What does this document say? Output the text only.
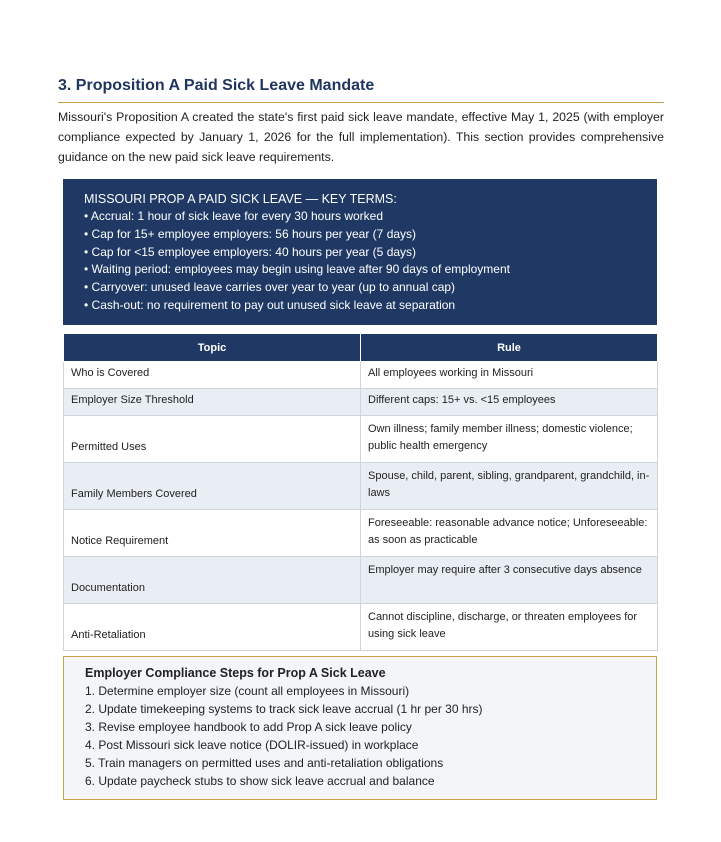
3. Proposition A Paid Sick Leave Mandate
Missouri's Proposition A created the state's first paid sick leave mandate, effective May 1, 2025 (with employer compliance expected by January 1, 2026 for the full implementation). This section provides comprehensive guidance on the new paid sick leave requirements.
MISSOURI PROP A PAID SICK LEAVE — KEY TERMS:
• Accrual: 1 hour of sick leave for every 30 hours worked
• Cap for 15+ employee employers: 56 hours per year (7 days)
• Cap for <15 employee employers: 40 hours per year (5 days)
• Waiting period: employees may begin using leave after 90 days of employment
• Carryover: unused leave carries over year to year (up to annual cap)
• Cash-out: no requirement to pay out unused sick leave at separation
Topic	Rule
Who is Covered	All employees working in Missouri
Employer Size Threshold	Different caps: 15+ vs. <15 employees
Permitted Uses	Own illness; family member illness; domestic violence; public health emergency
Family Members Covered	Spouse, child, parent, sibling, grandparent, grandchild, in-laws
Notice Requirement	Foreseeable: reasonable advance notice; Unforeseeable: as soon as practicable
Documentation	Employer may require after 3 consecutive days absence
Anti-Retaliation	Cannot discipline, discharge, or threaten employees for using sick leave
Employer Compliance Steps for Prop A Sick Leave
1. Determine employer size (count all employees in Missouri)
2. Update timekeeping systems to track sick leave accrual (1 hr per 30 hrs)
3. Revise employee handbook to add Prop A sick leave policy
4. Post Missouri sick leave notice (DOLIR-issued) in workplace
5. Train managers on permitted uses and anti-retaliation obligations
6. Update paycheck stubs to show sick leave accrual and balance
